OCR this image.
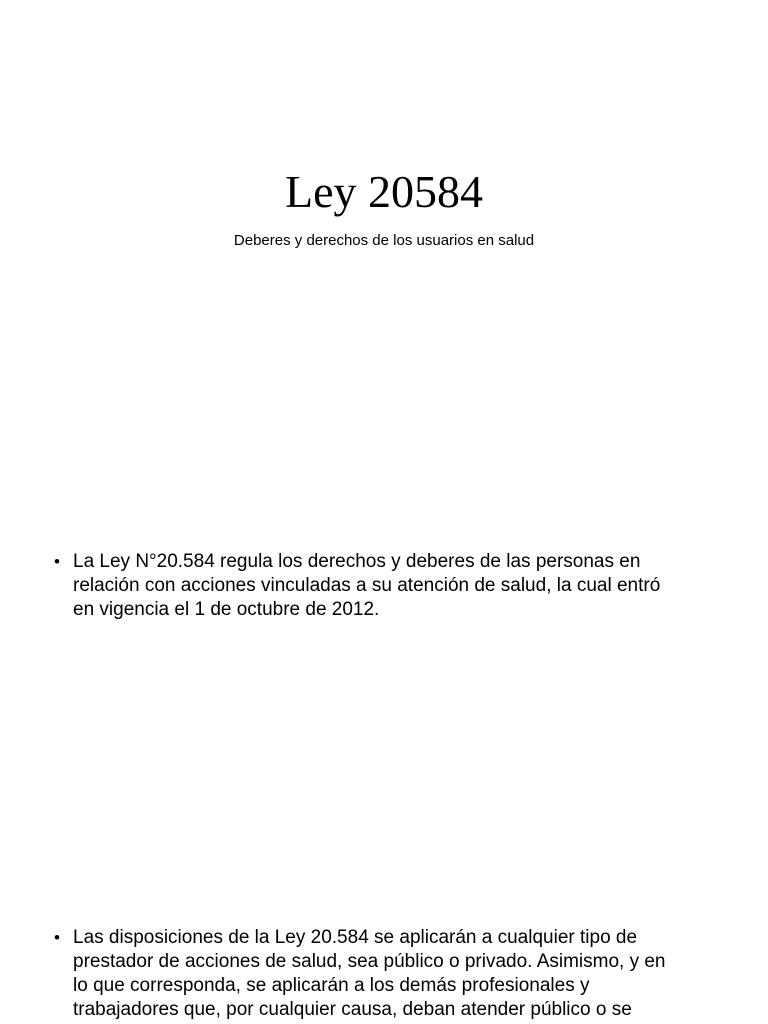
Ley 20584
Deberes y derechos de los usuarios en salud
• La Ley N°20.584 regula los derechos y deberes de las personas en
relación con acciones vinculadas a su atención de salud, la cual entró
en vigencia el 1 de octubre de 2012.
• Las disposiciones de la Ley 20.584 se aplicarán a cualquier tipo de
prestador de acciones de salud, sea público o privado. Asimismo, y en
lo que corresponda, se aplicarán a los demás profesionales y
trabajadores que, por cualquier causa, deban atender público o se
